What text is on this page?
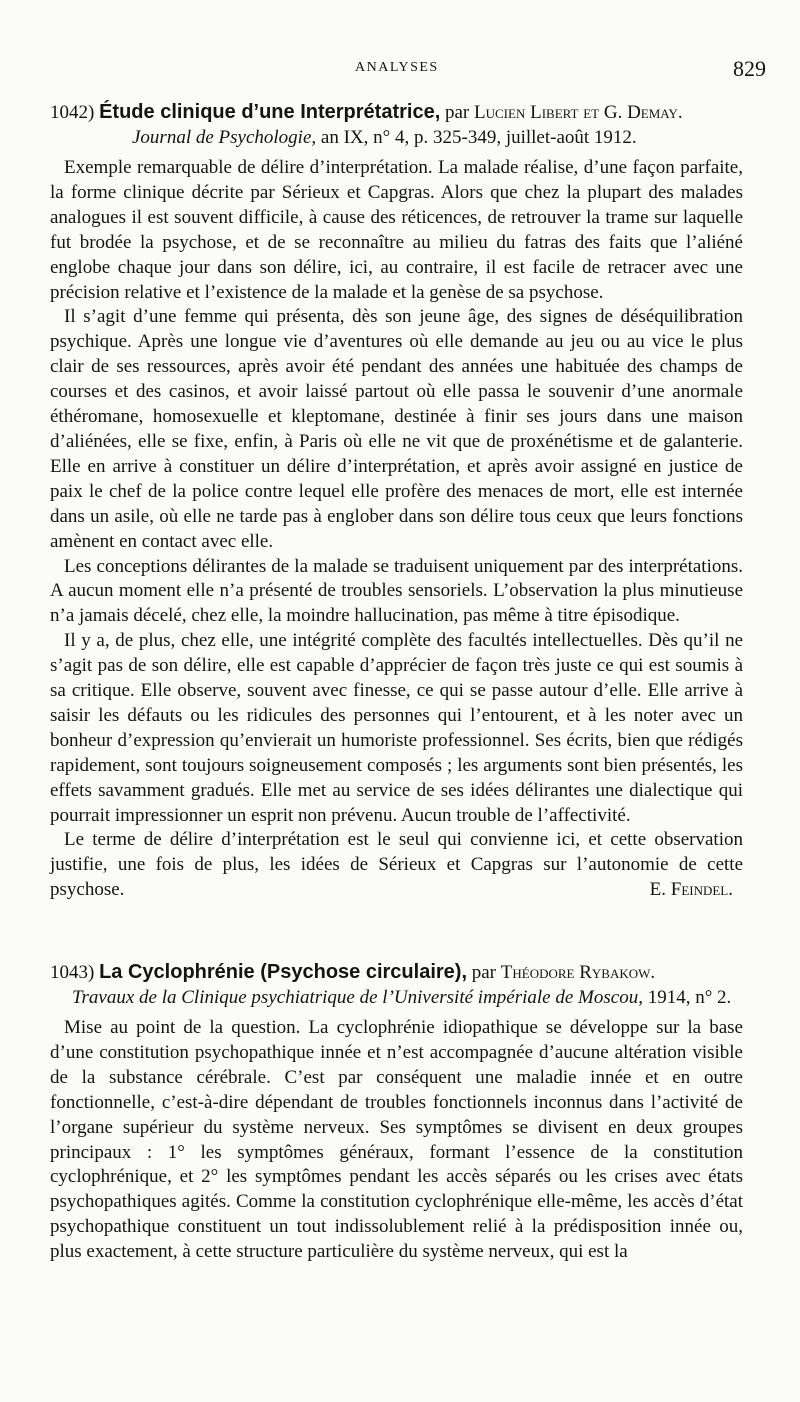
ANALYSES	829
1042) Étude clinique d’une Interprétatrice, par Lucien Libert et G. Demay.
Journal de Psychologie, an IX, n° 4, p. 325-349, juillet-août 1912.

Exemple remarquable de délire d’interprétation. La malade réalise, d’une façon parfaite, la forme clinique décrite par Sérieux et Capgras. Alors que chez la plupart des malades analogues il est souvent difficile, à cause des réticences, de retrouver la trame sur laquelle fut brodée la psychose, et de se reconnaître au milieu du fatras des faits que l’aliéné englobe chaque jour dans son délire, ici, au contraire, il est facile de retracer avec une précision relative et l’existence de la malade et la genèse de sa psychose.

Il s’agit d’une femme qui présenta, dès son jeune âge, des signes de déséquilibration psychique. Après une longue vie d’aventures où elle demande au jeu ou au vice le plus clair de ses ressources, après avoir été pendant des années une habituée des champs de courses et des casinos, et avoir laissé partout où elle passa le souvenir d’une anormale éthéromane, homosexuelle et kleptomane, destinée à finir ses jours dans une maison d’aliénées, elle se fixe, enfin, à Paris où elle ne vit que de proxénétisme et de galanterie. Elle en arrive à constituer un délire d’interprétation, et après avoir assigné en justice de paix le chef de la police contre lequel elle profère des menaces de mort, elle est internée dans un asile, où elle ne tarde pas à englober dans son délire tous ceux que leurs fonctions amènent en contact avec elle.

Les conceptions délirantes de la malade se traduisent uniquement par des interprétations. A aucun moment elle n’a présenté de troubles sensoriels. L’observation la plus minutieuse n’a jamais décelé, chez elle, la moindre hallucination, pas même à titre épisodique.

Il y a, de plus, chez elle, une intégrité complète des facultés intellectuelles. Dès qu’il ne s’agit pas de son délire, elle est capable d’apprécier de façon très juste ce qui est soumis à sa critique. Elle observe, souvent avec finesse, ce qui se passe autour d’elle. Elle arrive à saisir les défauts ou les ridicules des personnes qui l’entourent, et à les noter avec un bonheur d’expression qu’envierait un humoriste professionnel. Ses écrits, bien que rédigés rapidement, sont toujours soigneusement composés ; les arguments sont bien présentés, les effets savamment gradués. Elle met au service de ses idées délirantes une dialectique qui pourrait impressionner un esprit non prévenu. Aucun trouble de l’affectivité.

Le terme de délire d’interprétation est le seul qui convienne ici, et cette observation justifie, une fois de plus, les idées de Sérieux et Capgras sur l’autonomie de cette psychose.	E. Feindel.

1043) La Cyclophrénie (Psychose circulaire), par Théodore Rybakow.
Travaux de la Clinique psychiatrique de l’Université impériale de Moscou, 1914, n° 2.

Mise au point de la question. La cyclophrénie idiopathique se développe sur la base d’une constitution psychopathique innée et n’est accompagnée d’aucune altération visible de la substance cérébrale. C’est par conséquent une maladie innée et en outre fonctionnelle, c’est-à-dire dépendant de troubles fonctionnels inconnus dans l’activité de l’organe supérieur du système nerveux. Ses symptômes se divisent en deux groupes principaux : 1° les symptômes généraux, formant l’essence de la constitution cyclophrénique, et 2° les symptômes pendant les accès séparés ou les crises avec états psychopathiques agités. Comme la constitution cyclophrénique elle-même, les accès d’état psychopathique constituent un tout indissolublement relié à la prédisposition innée ou, plus exactement, à cette structure particulière du système nerveux, qui est la
